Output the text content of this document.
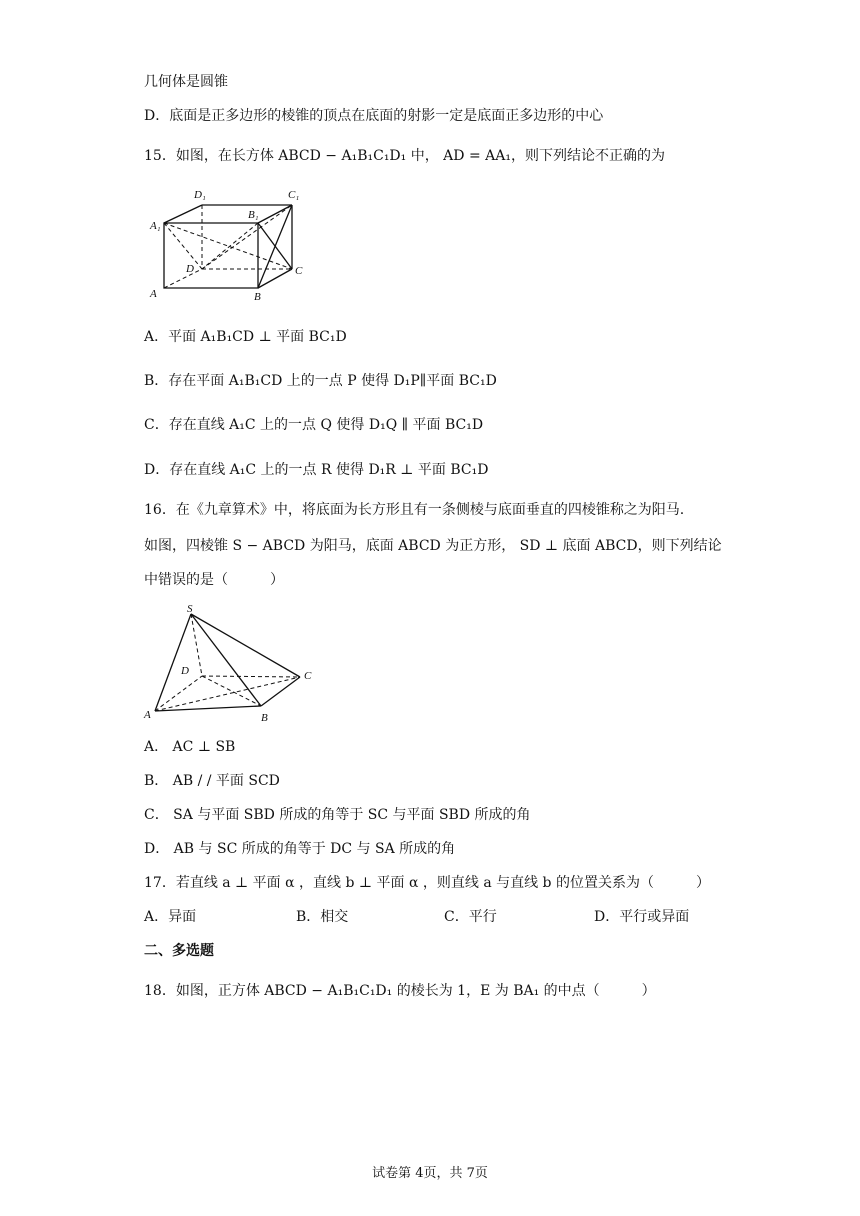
几何体是圆锥
D．底面是正多边形的棱锥的顶点在底面的射影一定是底面正多边形的中心
15．如图，在长方体 ABCD − A₁B₁C₁D₁ 中， AD = AA₁，则下列结论不正确的为
D₁	C₁
A₁
B₁
D	C
A	B
A．平面 A₁B₁CD ⊥ 平面 BC₁D
B．存在平面 A₁B₁CD 上的一点 P 使得 D₁P∥平面 BC₁D
C．存在直线 A₁C 上的一点 Q 使得 D₁Q ∥ 平面 BC₁D
D．存在直线 A₁C 上的一点 R 使得 D₁R ⊥ 平面 BC₁D
16．在《九章算术》中，将底面为长方形且有一条侧棱与底面垂直的四棱锥称之为阳马.
如图，四棱锥 S − ABCD 为阳马，底面 ABCD 为正方形， SD ⊥ 底面 ABCD，则下列结论
中错误的是（　　　）
S
D	C
A	B
A． AC ⊥ SB
B． AB / / 平面 SCD
C． SA 与平面 SBD 所成的角等于 SC 与平面 SBD 所成的角
D． AB 与 SC 所成的角等于 DC 与 SA 所成的角
17．若直线 a ⊥ 平面 α ，直线 b ⊥ 平面 α ，则直线 a 与直线 b 的位置关系为（　　　）
A．异面	B．相交	C．平行	D．平行或异面
二、多选题
18．如图，正方体 ABCD − A₁B₁C₁D₁ 的棱长为 1，E 为 BA₁ 的中点（　　　）
试卷第 4页，共 7页
